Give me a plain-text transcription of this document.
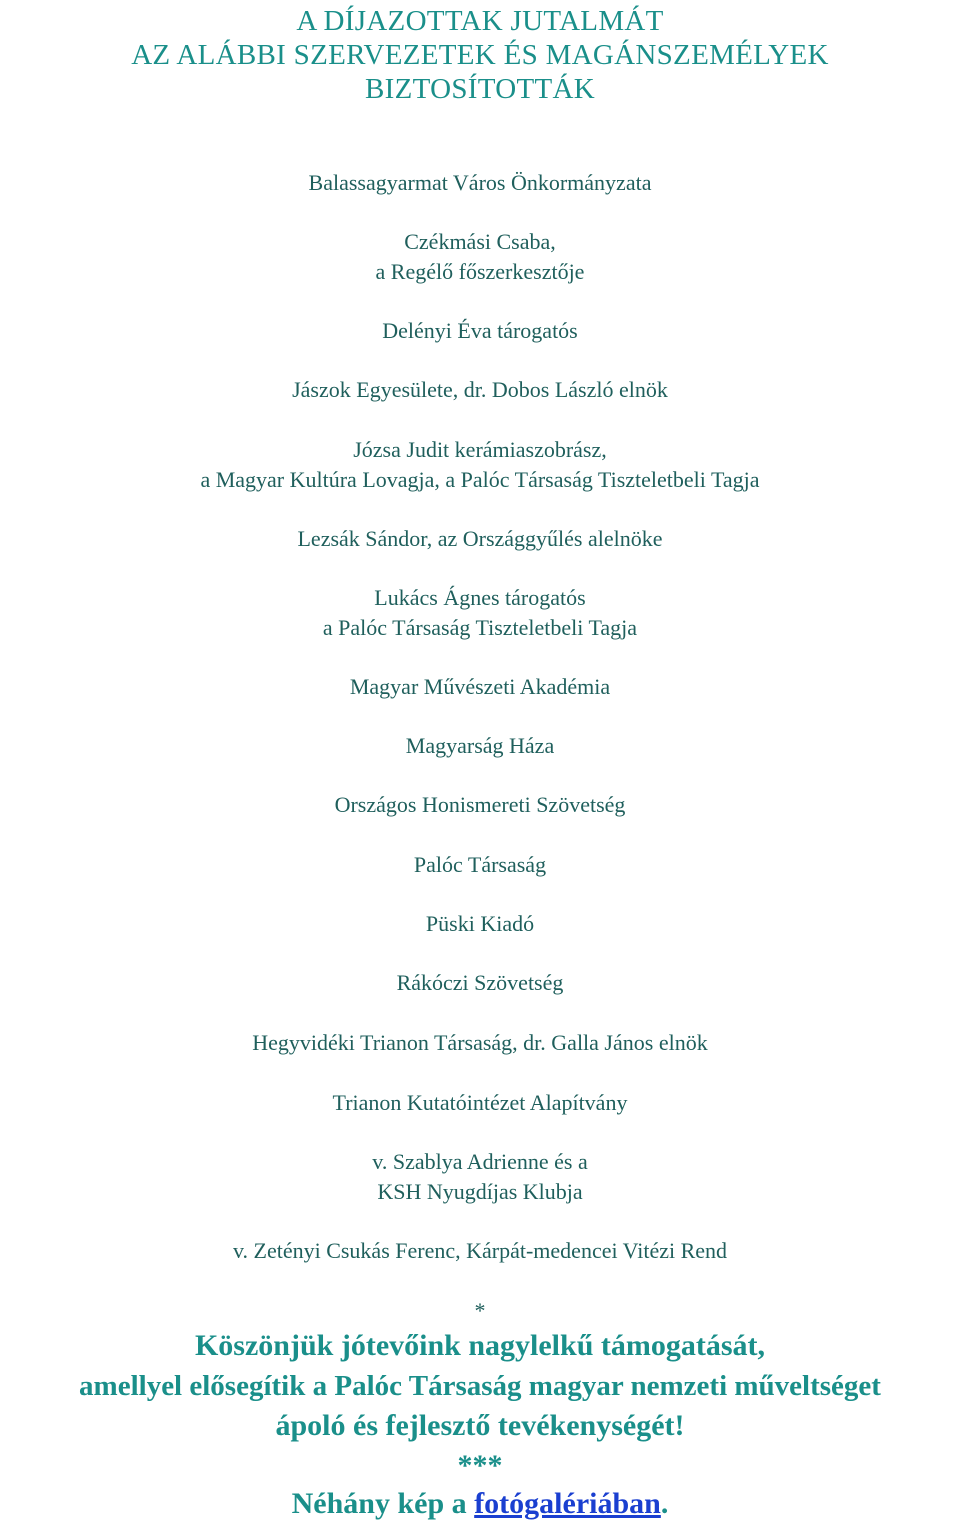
A DÍJAZOTTAK JUTALMÁT
AZ ALÁBBI SZERVEZETEK ÉS MAGÁNSZEMÉLYEK
BIZTOSÍTOTTÁK
Balassagyarmat Város Önkormányzata
Czékmási Csaba,
a Regélő főszerkesztője
Delényi Éva tárogatós
Jászok Egyesülete, dr. Dobos László elnök
Józsa Judit kerámiaszobrász,
a Magyar Kultúra Lovagja, a Palóc Társaság Tiszteletbeli Tagja
Lezsák Sándor, az Országgyűlés alelnöke
Lukács Ágnes tárogatós
a Palóc Társaság Tiszteletbeli Tagja
Magyar Művészeti Akadémia
Magyarság Háza
Országos Honismereti Szövetség
Palóc Társaság
Püski Kiadó
Rákóczi Szövetség
Hegyvidéki Trianon Társaság, dr. Galla János elnök
Trianon Kutatóintézet Alapítvány
v. Szablya Adrienne és a
KSH Nyugdíjas Klubja
v. Zetényi Csukás Ferenc, Kárpát-medencei Vitézi Rend
*
Köszönjük jótevőink nagylelkű támogatását,
amellyel elősegítik a Palóc Társaság magyar nemzeti műveltséget
ápoló és fejlesztő tevékenységét!
***
Néhány kép a fotógalériában.
